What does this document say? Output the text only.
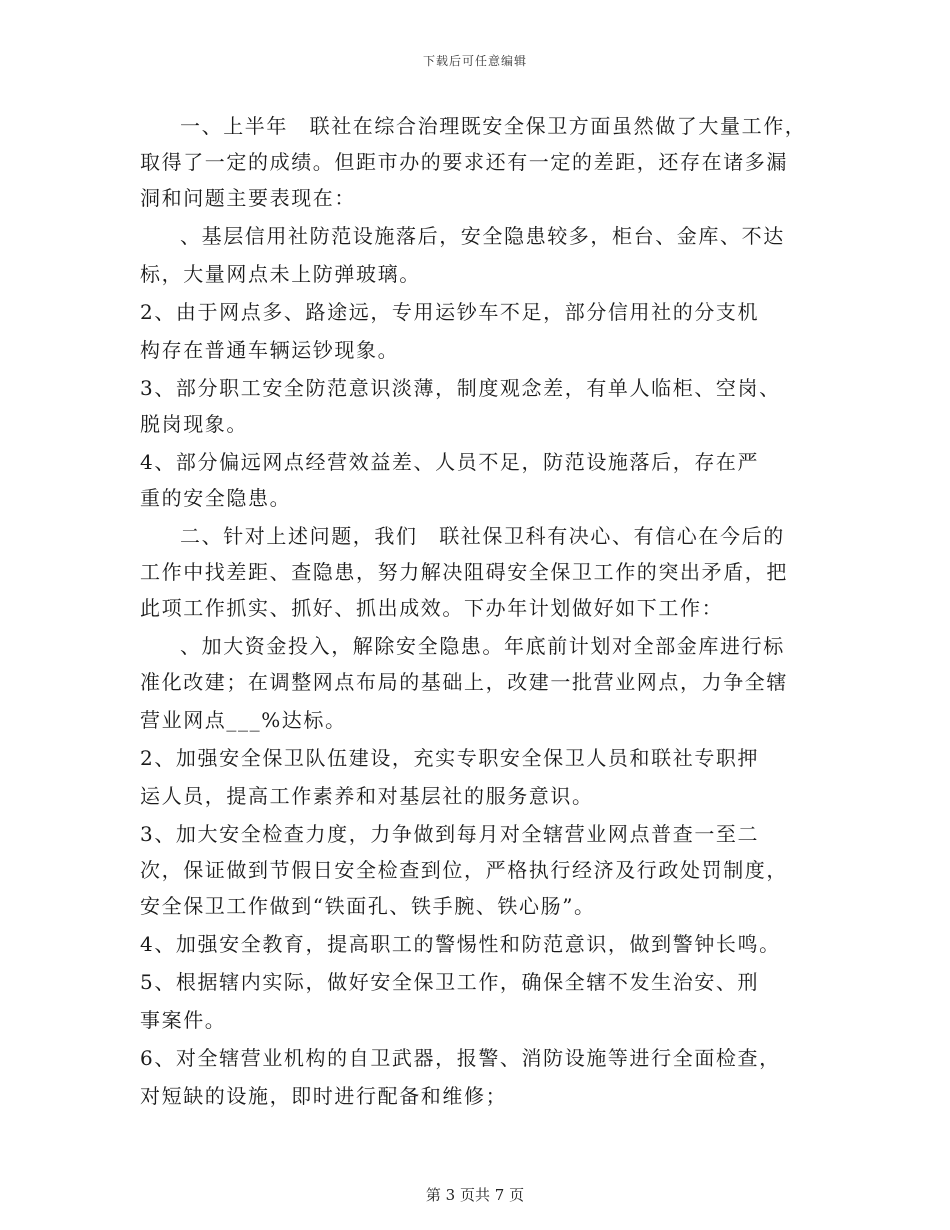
下载后可任意编辑
一、上半年　联社在综合治理既安全保卫方面虽然做了大量工作，
取得了一定的成绩。但距市办的要求还有一定的差距，还存在诸多漏
洞和问题主要表现在：
、基层信用社防范设施落后，安全隐患较多，柜台、金库、不达
标，大量网点未上防弹玻璃。
2、由于网点多、路途远，专用运钞车不足，部分信用社的分支机
构存在普通车辆运钞现象。
3、部分职工安全防范意识淡薄，制度观念差，有单人临柜、空岗、
脱岗现象。
4、部分偏远网点经营效益差、人员不足，防范设施落后，存在严
重的安全隐患。
二、针对上述问题，我们　联社保卫科有决心、有信心在今后的
工作中找差距、查隐患，努力解决阻碍安全保卫工作的突出矛盾，把
此项工作抓实、抓好、抓出成效。下办年计划做好如下工作：
、加大资金投入，解除安全隐患。年底前计划对全部金库进行标
准化改建；在调整网点布局的基础上，改建一批营业网点，力争全辖
营业网点___%达标。
2、加强安全保卫队伍建设，充实专职安全保卫人员和联社专职押
运人员，提高工作素养和对基层社的服务意识。
3、加大安全检查力度，力争做到每月对全辖营业网点普查一至二
次，保证做到节假日安全检查到位，严格执行经济及行政处罚制度，
安全保卫工作做到“铁面孔、铁手腕、铁心肠”。
4、加强安全教育，提高职工的警惕性和防范意识，做到警钟长鸣。
5、根据辖内实际，做好安全保卫工作，确保全辖不发生治安、刑
事案件。
6、对全辖营业机构的自卫武器，报警、消防设施等进行全面检查，
对短缺的设施，即时进行配备和维修；
第 3 页共 7 页
